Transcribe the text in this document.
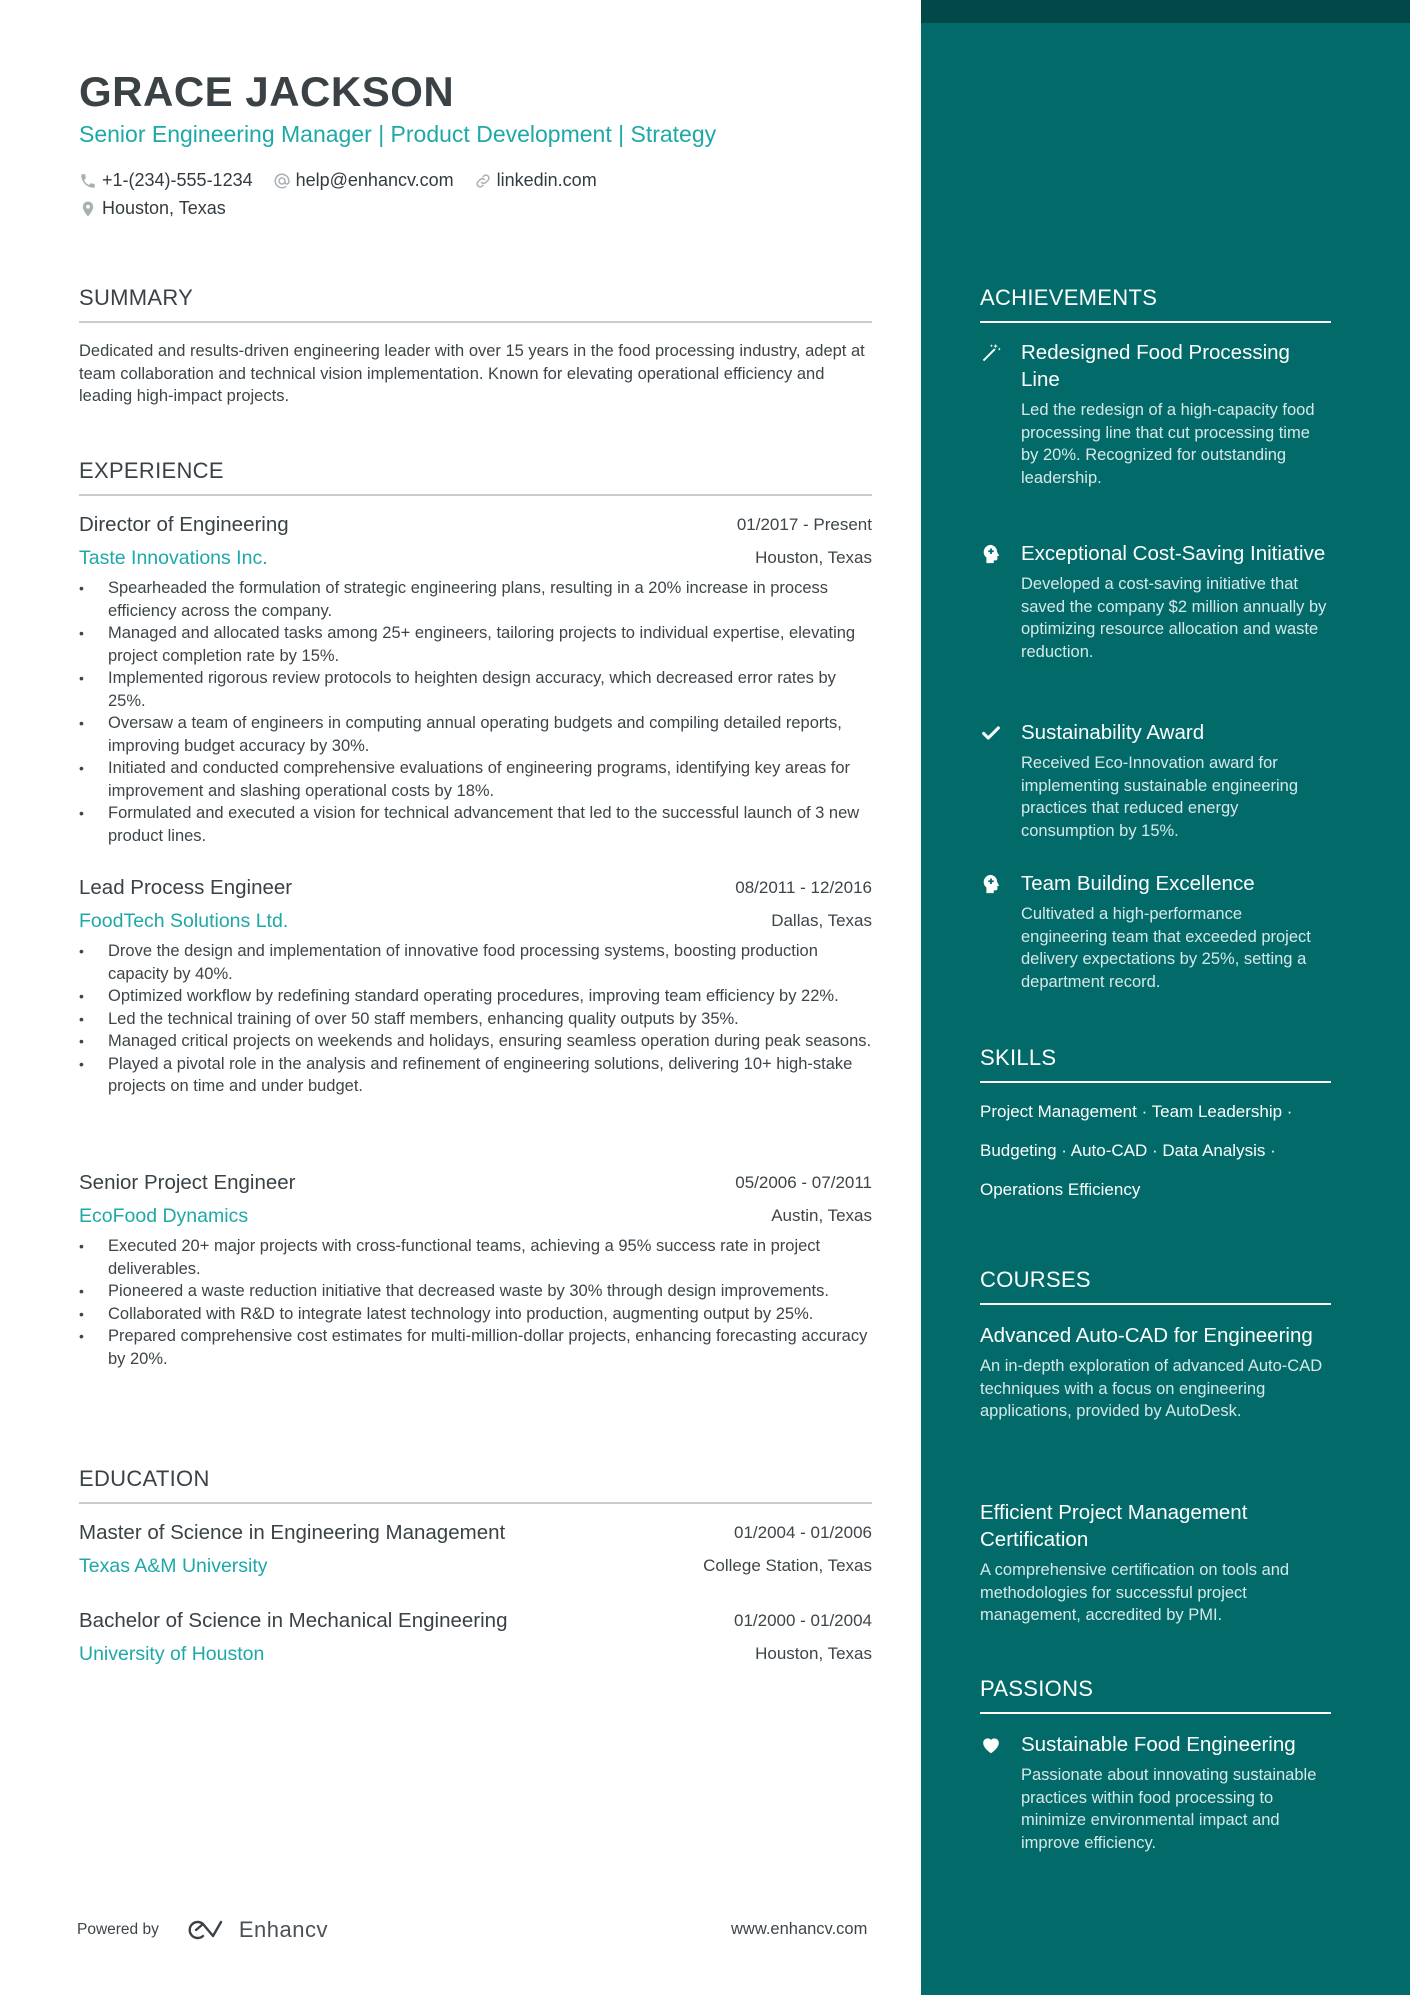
GRACE JACKSON
Senior Engineering Manager | Product Development | Strategy
+1-(234)-555-1234 help@enhancv.com linkedin.com
Houston, Texas
SUMMARY
Dedicated and results-driven engineering leader with over 15 years in the food processing industry, adept at team collaboration and technical vision implementation. Known for elevating operational efficiency and leading high-impact projects.
EXPERIENCE
Director of Engineering	01/2017 - Present
Taste Innovations Inc.	Houston, Texas
• Spearheaded the formulation of strategic engineering plans, resulting in a 20% increase in process efficiency across the company.
• Managed and allocated tasks among 25+ engineers, tailoring projects to individual expertise, elevating project completion rate by 15%.
• Implemented rigorous review protocols to heighten design accuracy, which decreased error rates by 25%.
• Oversaw a team of engineers in computing annual operating budgets and compiling detailed reports, improving budget accuracy by 30%.
• Initiated and conducted comprehensive evaluations of engineering programs, identifying key areas for improvement and slashing operational costs by 18%.
• Formulated and executed a vision for technical advancement that led to the successful launch of 3 new product lines.
Lead Process Engineer	08/2011 - 12/2016
FoodTech Solutions Ltd.	Dallas, Texas
• Drove the design and implementation of innovative food processing systems, boosting production capacity by 40%.
• Optimized workflow by redefining standard operating procedures, improving team efficiency by 22%.
• Led the technical training of over 50 staff members, enhancing quality outputs by 35%.
• Managed critical projects on weekends and holidays, ensuring seamless operation during peak seasons.
• Played a pivotal role in the analysis and refinement of engineering solutions, delivering 10+ high-stake projects on time and under budget.
Senior Project Engineer	05/2006 - 07/2011
EcoFood Dynamics	Austin, Texas
• Executed 20+ major projects with cross-functional teams, achieving a 95% success rate in project deliverables.
• Pioneered a waste reduction initiative that decreased waste by 30% through design improvements.
• Collaborated with R&D to integrate latest technology into production, augmenting output by 25%.
• Prepared comprehensive cost estimates for multi-million-dollar projects, enhancing forecasting accuracy by 20%.
EDUCATION
Master of Science in Engineering Management	01/2004 - 01/2006
Texas A&M University	College Station, Texas
Bachelor of Science in Mechanical Engineering	01/2000 - 01/2004
University of Houston	Houston, Texas
Powered by	Enhancv	www.enhancv.com
ACHIEVEMENTS
Redesigned Food Processing Line
Led the redesign of a high-capacity food processing line that cut processing time by 20%. Recognized for outstanding leadership.
Exceptional Cost-Saving Initiative
Developed a cost-saving initiative that saved the company $2 million annually by optimizing resource allocation and waste reduction.
Sustainability Award
Received Eco-Innovation award for implementing sustainable engineering practices that reduced energy consumption by 15%.
Team Building Excellence
Cultivated a high-performance engineering team that exceeded project delivery expectations by 25%, setting a department record.
SKILLS
Project Management · Team Leadership ·
Budgeting · Auto-CAD · Data Analysis ·
Operations Efficiency
COURSES
Advanced Auto-CAD for Engineering
An in-depth exploration of advanced Auto-CAD techniques with a focus on engineering applications, provided by AutoDesk.
Efficient Project Management Certification
A comprehensive certification on tools and methodologies for successful project management, accredited by PMI.
PASSIONS
Sustainable Food Engineering
Passionate about innovating sustainable practices within food processing to minimize environmental impact and improve efficiency.
